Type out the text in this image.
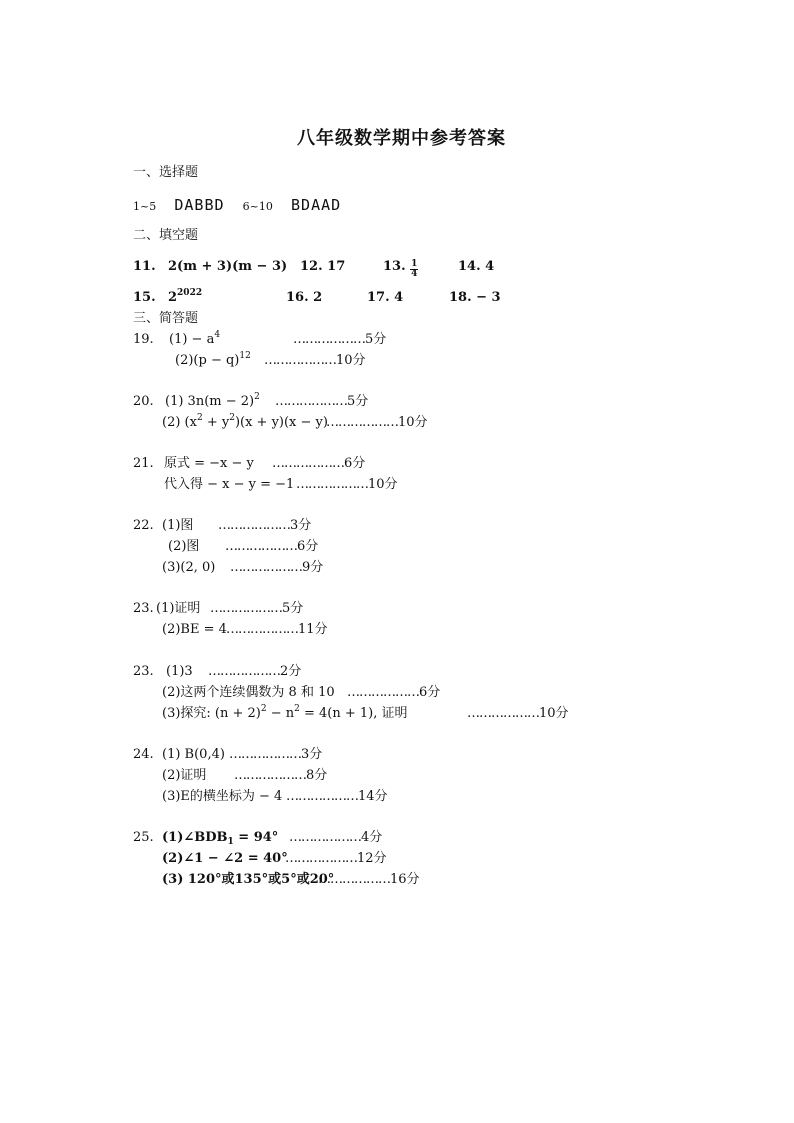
八年级数学期中参考答案
一、选择题
1~5 DABBD 6~10 BDAAD
二、填空题
11. 2(m + 3)(m − 3) 12. 17	13. $\frac{1}{4}$	14. 4
15. $2^{2022}$	16. 2	17. 4	18. − 3
三、简答题
19. $(1) - a^4$	………………5分
$(2)(p - q)^{12}$ ………………10分
20. (1) $3n(m - 2)^2$ ………………5分
(2) $(x^2 + y^2)(x + y)(x - y)$
………………10分
21. 原式 = −x − y ………………6分
代入得 − x − y = −1 ………………10分
22. (1)图 ………………3分
(2)图 ………………6分
(3)(2, 0) ………………9分
23. (1)证明 ………………5分
(2)BE = 4 ………………11分
23. (1)3 ………………2分
(2)这两个连续偶数为 8 和 10 ………………6分
(3)探究: $(n + 2)^2 - n^2 = 4(n + 1)$, 证明	………………10分
24. (1) B(0,4) ………………3分
(2)证明 ………………8分
(3)E的横坐标为 − 4 ………………14分
25. $(1)\angle BDB_1 = 94^\circ$ ………………4分
(2)∠1 − ∠2 = 40°
………………12分
(3) 120°或135°或5°或20°
………………16分
